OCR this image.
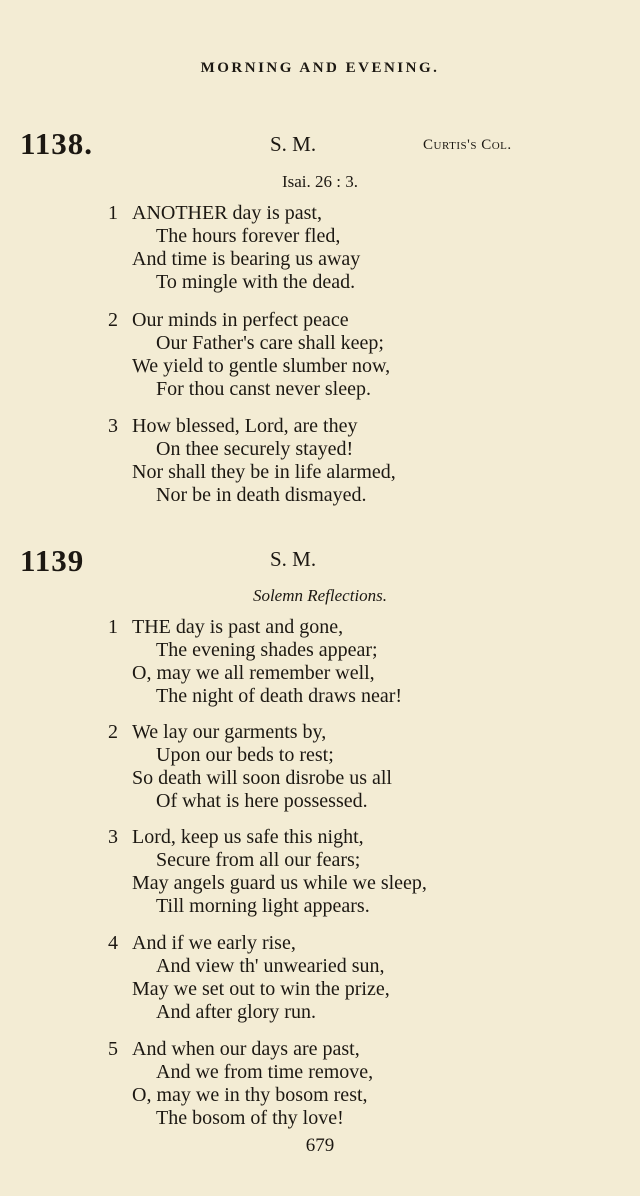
MORNING AND EVENING.
1138.	S. M.	Curtis's Col.
Isai. 26 : 3.
1 ANOTHER day is past,
The hours forever fled,
And time is bearing us away
To mingle with the dead.
2 Our minds in perfect peace
Our Father's care shall keep;
We yield to gentle slumber now,
For thou canst never sleep.
3 How blessed, Lord, are they
On thee securely stayed!
Nor shall they be in life alarmed,
Nor be in death dismayed.
1139	S. M.
Solemn Reflections.
1 THE day is past and gone,
The evening shades appear;
O, may we all remember well,
The night of death draws near!
2 We lay our garments by,
Upon our beds to rest;
So death will soon disrobe us all
Of what is here possessed.
3 Lord, keep us safe this night,
Secure from all our fears;
May angels guard us while we sleep,
Till morning light appears.
4 And if we early rise,
And view th' unwearied sun,
May we set out to win the prize,
And after glory run.
5 And when our days are past,
And we from time remove,
O, may we in thy bosom rest,
The bosom of thy love!
679
